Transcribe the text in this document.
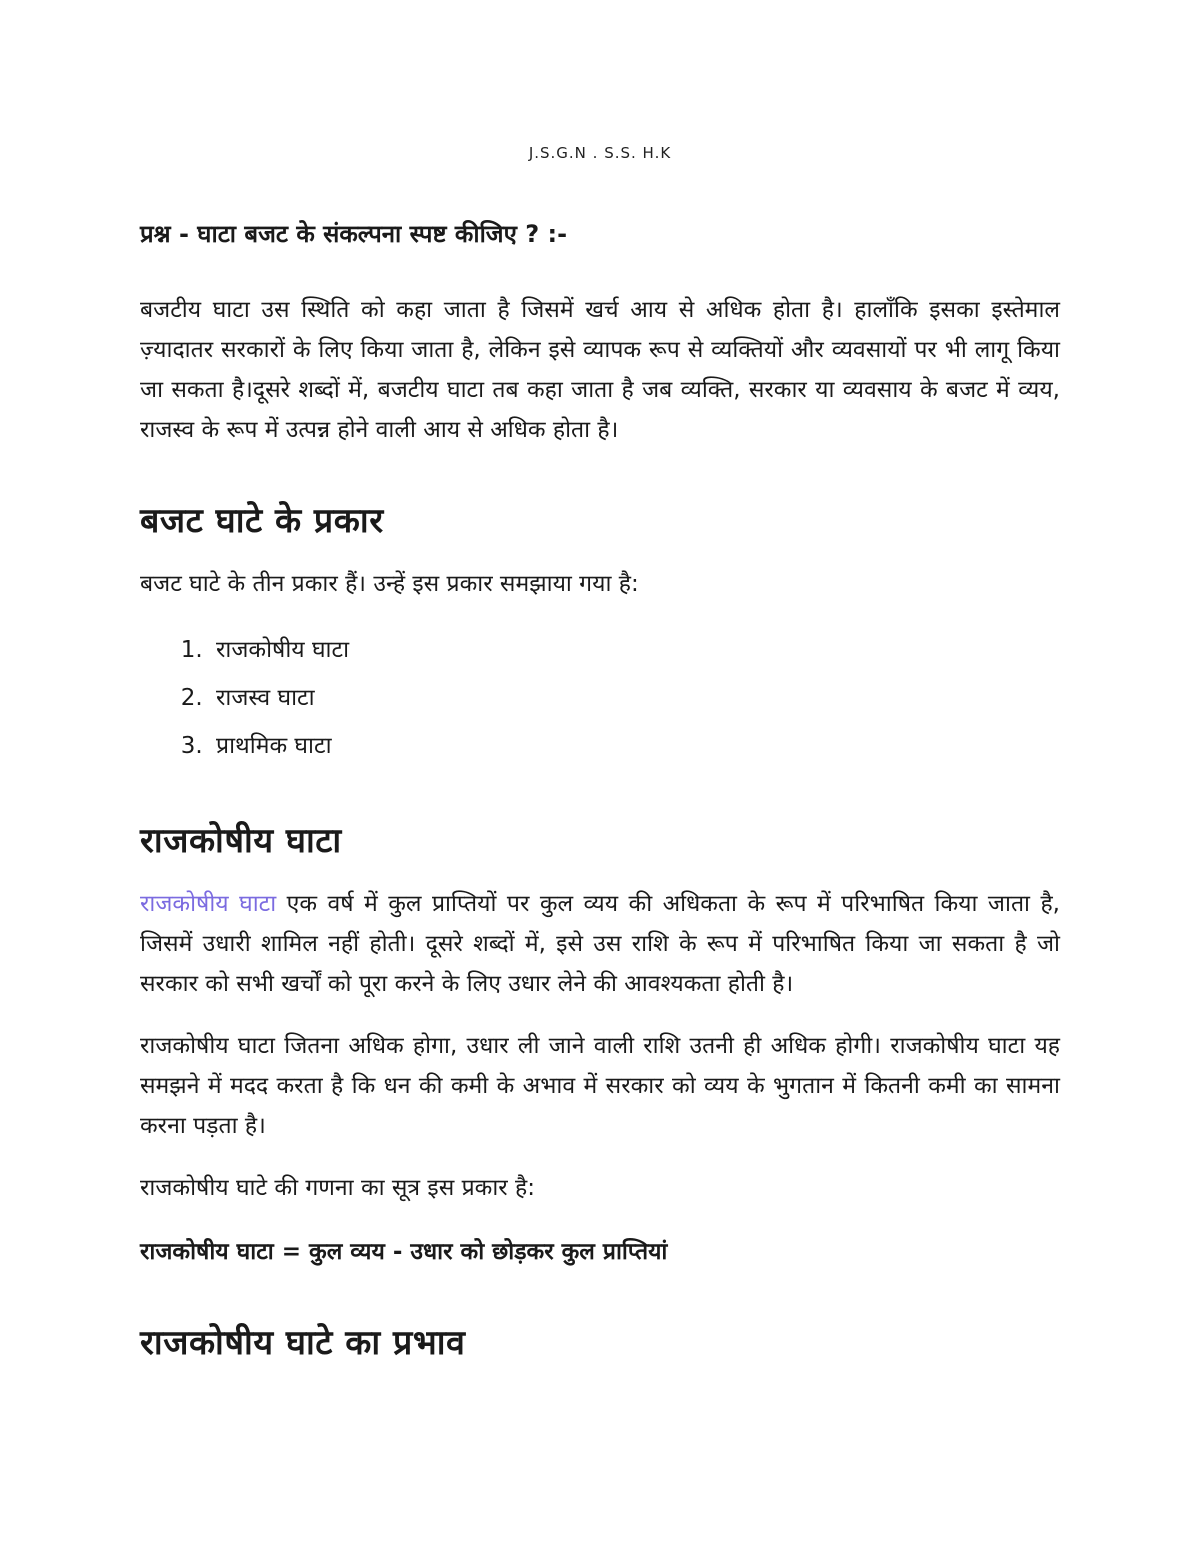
J.S.G.N . S.S. H.K
प्रश्न - घाटा बजट के संकल्पना स्पष्ट कीजिए ? :-

बजटीय घाटा उस स्थिति को कहा जाता है जिसमें खर्च आय से अधिक होता है। हालाँकि इसका इस्तेमाल ज़्यादातर सरकारों के लिए किया जाता है, लेकिन इसे व्यापक रूप से व्यक्तियों और व्यवसायों पर भी लागू किया जा सकता है।दूसरे शब्दों में, बजटीय घाटा तब कहा जाता है जब व्यक्ति, सरकार या व्यवसाय के बजट में व्यय, राजस्व के रूप में उत्पन्न होने वाली आय से अधिक होता है।

बजट घाटे के प्रकार

बजट घाटे के तीन प्रकार हैं। उन्हें इस प्रकार समझाया गया है:

1. राजकोषीय घाटा
2. राजस्व घाटा
3. प्राथमिक घाटा
राजकोषीय घाटा

राजकोषीय घाटा एक वर्ष में कुल प्राप्तियों पर कुल व्यय की अधिकता के रूप में परिभाषित किया जाता है, जिसमें उधारी शामिल नहीं होती। दूसरे शब्दों में, इसे उस राशि के रूप में परिभाषित किया जा सकता है जो सरकार को सभी खर्चों को पूरा करने के लिए उधार लेने की आवश्यकता होती है।

राजकोषीय घाटा जितना अधिक होगा, उधार ली जाने वाली राशि उतनी ही अधिक होगी। राजकोषीय घाटा यह समझने में मदद करता है कि धन की कमी के अभाव में सरकार को व्यय के भुगतान में कितनी कमी का सामना करना पड़ता है।

राजकोषीय घाटे की गणना का सूत्र इस प्रकार है:

राजकोषीय घाटा = कुल व्यय - उधार को छोड़कर कुल प्राप्तियां
राजकोषीय घाटे का प्रभाव
